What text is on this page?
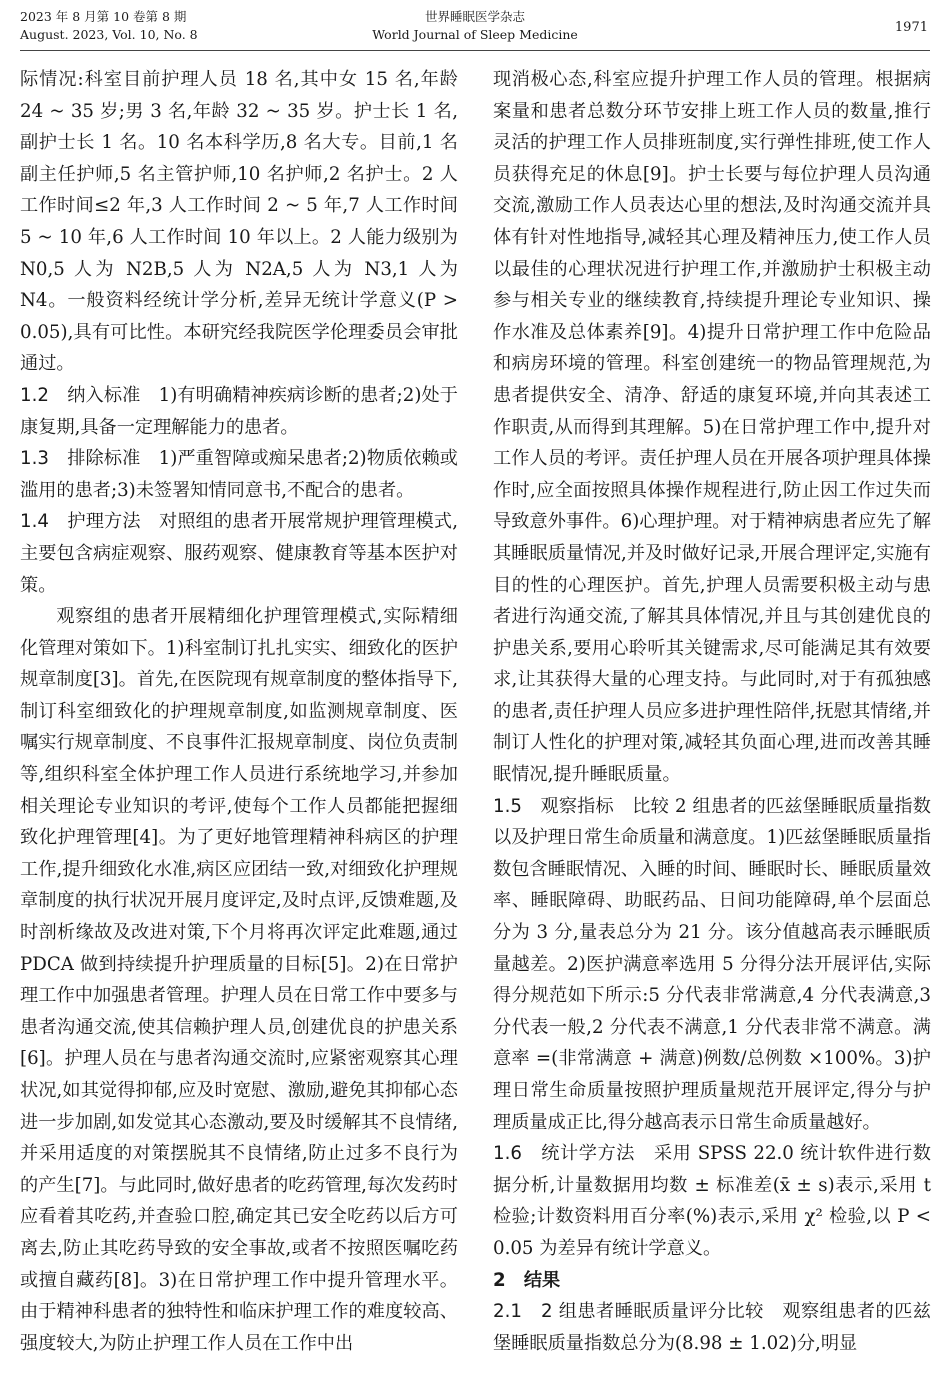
2023 年 8 月第 10 卷第 8 期
August. 2023, Vol. 10, No. 8
世界睡眠医学杂志
World Journal of Sleep Medicine	1971

际情况:科室目前护理人员 18 名,其中女 15 名,年龄 24 ~ 35 岁;男 3 名,年龄 32 ~ 35 岁。护士长 1 名,副护士长 1 名。10 名本科学历,8 名大专。目前,1 名副主任护师,5 名主管护师,10 名护师,2 名护士。2 人工作时间≤2 年,3 人工作时间 2 ~ 5 年,7 人工作时间 5 ~ 10 年,6 人工作时间 10 年以上。2 人能力级别为 N0,5 人为 N2B,5 人为 N2A,5 人为 N3,1 人为 N4。一般资料经统计学分析,差异无统计学意义(P > 0.05),具有可比性。本研究经我院医学伦理委员会审批通过。

1.2　纳入标准　1)有明确精神疾病诊断的患者;2)处于康复期,具备一定理解能力的患者。

1.3　排除标准　1)严重智障或痴呆患者;2)物质依赖或滥用的患者;3)未签署知情同意书,不配合的患者。

1.4　护理方法　对照组的患者开展常规护理管理模式,主要包含病症观察、服药观察、健康教育等基本医护对策。

观察组的患者开展精细化护理管理模式,实际精细化管理对策如下。1)科室制订扎扎实实、细致化的医护规章制度[3]。首先,在医院现有规章制度的整体指导下,制订科室细致化的护理规章制度,如监测规章制度、医嘱实行规章制度、不良事件汇报规章制度、岗位负责制等,组织科室全体护理工作人员进行系统地学习,并参加相关理论专业知识的考评,使每个工作人员都能把握细致化护理管理[4]。为了更好地管理精神科病区的护理工作,提升细致化水准,病区应团结一致,对细致化护理规章制度的执行状况开展月度评定,及时点评,反馈难题,及时剖析缘故及改进对策,下个月将再次评定此难题,通过 PDCA 做到持续提升护理质量的目标[5]。2)在日常护理工作中加强患者管理。护理人员在日常工作中要多与患者沟通交流,使其信赖护理人员,创建优良的护患关系[6]。护理人员在与患者沟通交流时,应紧密观察其心理状况,如其觉得抑郁,应及时宽慰、激励,避免其抑郁心态进一步加剧,如发觉其心态激动,要及时缓解其不良情绪,并采用适度的对策摆脱其不良情绪,防止过多不良行为的产生[7]。与此同时,做好患者的吃药管理,每次发药时应看着其吃药,并查验口腔,确定其已安全吃药以后方可离去,防止其吃药导致的安全事故,或者不按照医嘱吃药或擅自藏药[8]。3)在日常护理工作中提升管理水平。由于精神科患者的独特性和临床护理工作的难度较高、强度较大,为防止护理工作人员在工作中出

现消极心态,科室应提升护理工作人员的管理。根据病案量和患者总数分环节安排上班工作人员的数量,推行灵活的护理工作人员排班制度,实行弹性排班,使工作人员获得充足的休息[9]。护士长要与每位护理人员沟通交流,激励工作人员表达心里的想法,及时沟通交流并具体有针对性地指导,减轻其心理及精神压力,使工作人员以最佳的心理状况进行护理工作,并激励护士积极主动参与相关专业的继续教育,持续提升理论专业知识、操作水准及总体素养[9]。4)提升日常护理工作中危险品和病房环境的管理。科室创建统一的物品管理规范,为患者提供安全、清净、舒适的康复环境,并向其表述工作职责,从而得到其理解。5)在日常护理工作中,提升对工作人员的考评。责任护理人员在开展各项护理具体操作时,应全面按照具体操作规程进行,防止因工作过失而导致意外事件。6)心理护理。对于精神病患者应先了解其睡眠质量情况,并及时做好记录,开展合理评定,实施有目的性的心理医护。首先,护理人员需要积极主动与患者进行沟通交流,了解其具体情况,并且与其创建优良的护患关系,要用心聆听其关键需求,尽可能满足其有效要求,让其获得大量的心理支持。与此同时,对于有孤独感的患者,责任护理人员应多进护理性陪伴,抚慰其情绪,并制订人性化的护理对策,减轻其负面心理,进而改善其睡眠情况,提升睡眠质量。

1.5　观察指标　比较 2 组患者的匹兹堡睡眠质量指数以及护理日常生命质量和满意度。1)匹兹堡睡眠质量指数包含睡眠情况、入睡的时间、睡眠时长、睡眠质量效率、睡眠障碍、助眠药品、日间功能障碍,单个层面总分为 3 分,量表总分为 21 分。该分值越高表示睡眠质量越差。2)医护满意率选用 5 分得分法开展评估,实际得分规范如下所示:5 分代表非常满意,4 分代表满意,3 分代表一般,2 分代表不满意,1 分代表非常不满意。满意率 =(非常满意 + 满意)例数/总例数 ×100%。3)护理日常生命质量按照护理质量规范开展评定,得分与护理质量成正比,得分越高表示日常生命质量越好。

1.6　统计学方法　采用 SPSS 22.0 统计软件进行数据分析,计量数据用均数 ± 标准差(x̄ ± s)表示,采用 t 检验;计数资料用百分率(%)表示,采用 χ² 检验,以 P < 0.05 为差异有统计学意义。

2　结果

2.1　2 组患者睡眠质量评分比较　观察组患者的匹兹堡睡眠质量指数总分为(8.98 ± 1.02)分,明显
